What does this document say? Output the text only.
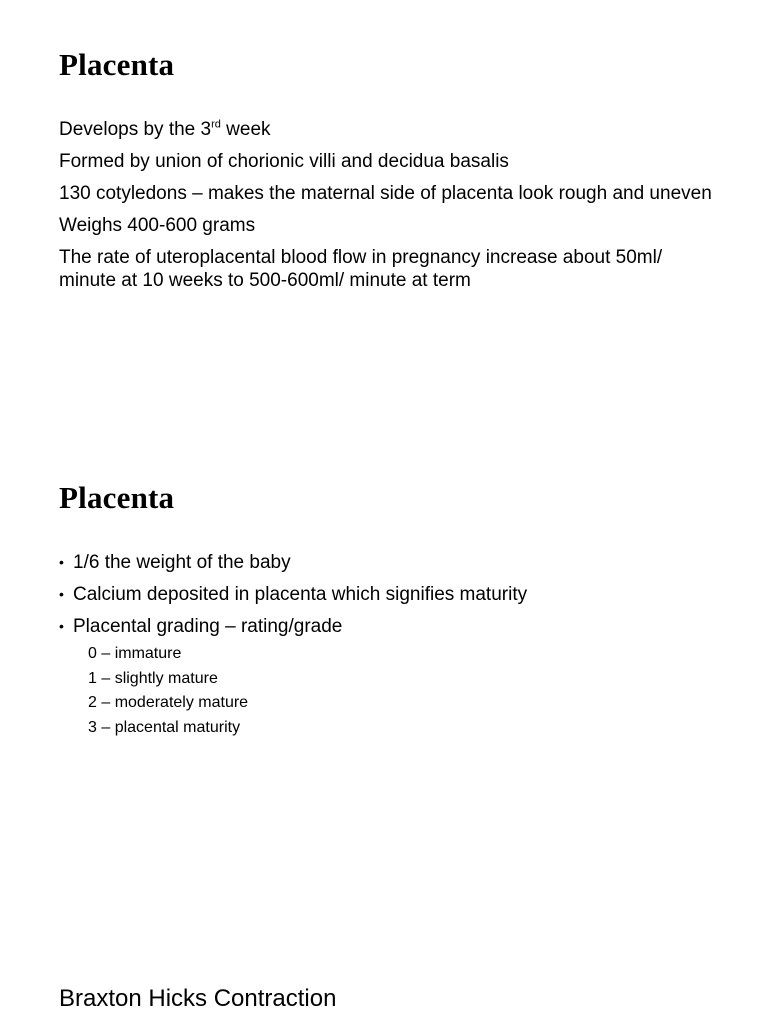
Placenta
Develops by the 3rd week
Formed by union of chorionic villi and decidua basalis
130 cotyledons – makes the maternal side of placenta look rough and uneven
Weighs 400-600 grams
The rate of uteroplacental blood flow in pregnancy increase about 50ml/ minute at 10 weeks to 500-600ml/ minute at term
Placenta
• 1/6 the weight of the baby
• Calcium deposited in placenta which signifies maturity
• Placental grading – rating/grade
0 – immature
1 – slightly mature
2 – moderately mature
3 – placental maturity
Braxton Hicks Contraction
